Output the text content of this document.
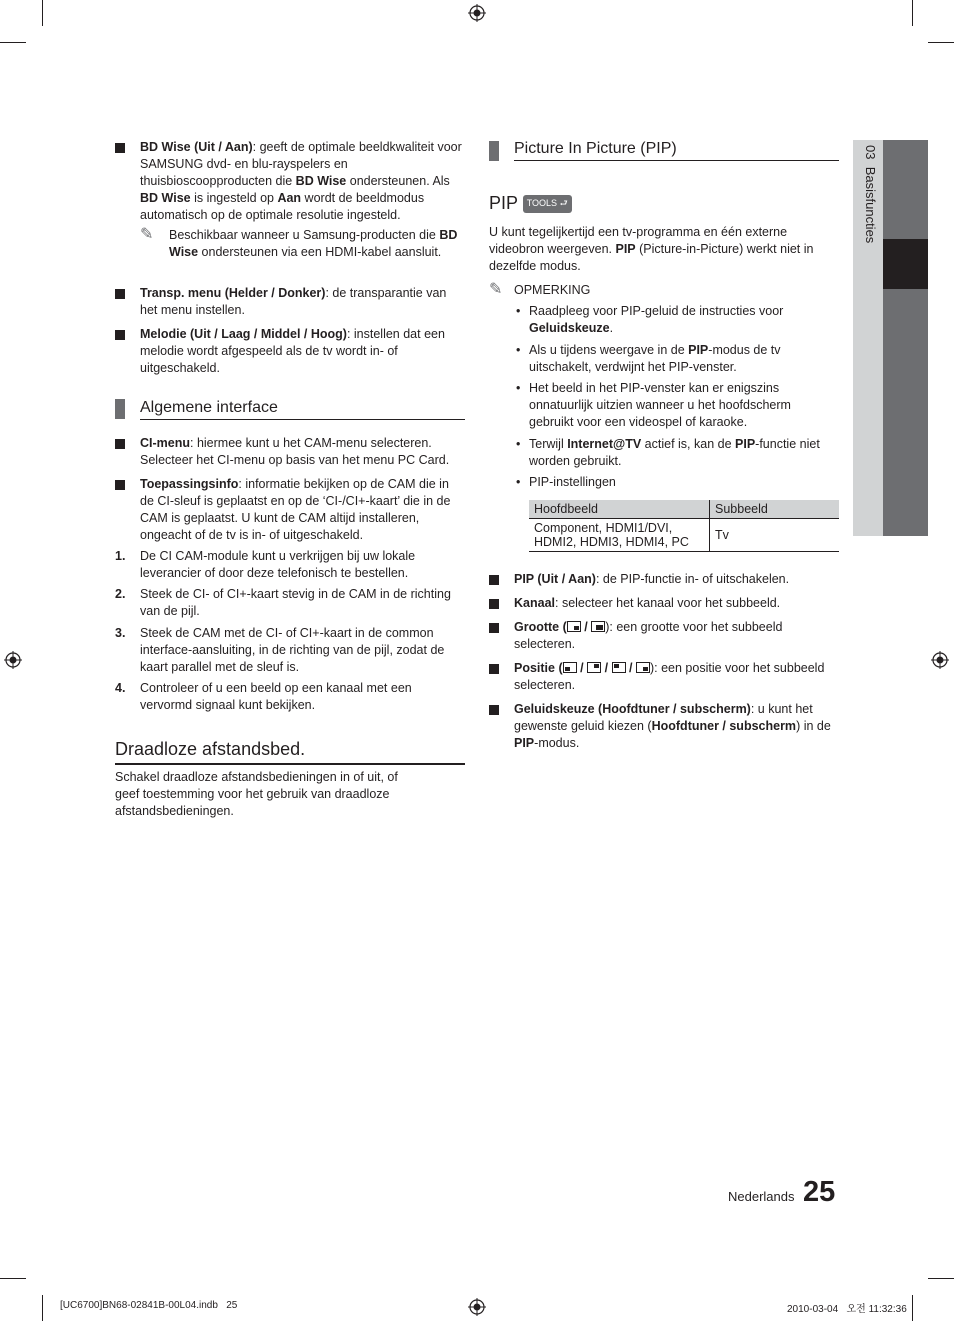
03  Basisfuncties
BD Wise (Uit / Aan): geeft de optimale beeldkwaliteit voor SAMSUNG dvd- en blu-rayspelers en thuisbioscoopproducten die BD Wise ondersteunen. Als BD Wise is ingesteld op Aan wordt de beeldmodus automatisch op de optimale resolutie ingesteld.
✎ Beschikbaar wanneer u Samsung-producten die BD Wise ondersteunen via een HDMI-kabel aansluit.
Transp. menu (Helder / Donker): de transparantie van het menu instellen.
Melodie (Uit / Laag / Middel / Hoog): instellen dat een melodie wordt afgespeeld als de tv wordt in- of uitgeschakeld.
Algemene interface
CI-menu: hiermee kunt u het CAM-menu selecteren. Selecteer het CI-menu op basis van het menu PC Card.
Toepassingsinfo: informatie bekijken op de CAM die in de CI-sleuf is geplaatst en op de ‘CI-/CI+-kaart’ die in de CAM is geplaatst. U kunt de CAM altijd installeren, ongeacht of de tv is in- of uitgeschakeld.
1. De CI CAM-module kunt u verkrijgen bij uw lokale leverancier of door deze telefonisch te bestellen.
2. Steek de CI- of CI+-kaart stevig in de CAM in de richting van de pijl.
3. Steek de CAM met de CI- of CI+-kaart in de common interface-aansluiting, in de richting van de pijl, zodat de kaart parallel met de sleuf is.
4. Controleer of u een beeld op een kanaal met een vervormd signaal kunt bekijken.
Draadloze afstandsbed.
Schakel draadloze afstandsbedieningen in of uit, of geef toestemming voor het gebruik van draadloze afstandsbedieningen.
Picture In Picture (PIP)
PIP TOOLS ⮐
U kunt tegelijkertijd een tv-programma en één externe videobron weergeven. PIP (Picture-in-Picture) werkt niet in dezelfde modus.
✎ OPMERKING
• Raadpleeg voor PIP-geluid de instructies voor Geluidskeuze.
• Als u tijdens weergave in de PIP-modus de tv uitschakelt, verdwijnt het PIP-venster.
• Het beeld in het PIP-venster kan er enigszins onnatuurlijk uitzien wanneer u het hoofdscherm gebruikt voor een videospel of karaoke.
• Terwijl Internet@TV actief is, kan de PIP-functie niet worden gebruikt.
• PIP-instellingen
Hoofdbeeld	Subbeeld
Component, HDMI1/DVI, HDMI2, HDMI3, HDMI4, PC	Tv
PIP (Uit / Aan): de PIP-functie in- of uitschakelen.
Kanaal: selecteer het kanaal voor het subbeeld.
Grootte ( / ): een grootte voor het subbeeld selecteren.
Positie ( / / / ): een positie voor het subbeeld selecteren.
Geluidskeuze (Hoofdtuner / subscherm): u kunt het gewenste geluid kiezen (Hoofdtuner / subscherm) in de PIP-modus.
Nederlands 25
[UC6700]BN68-02841B-00L04.indb   25	2010-03-04   오전 11:32:36
